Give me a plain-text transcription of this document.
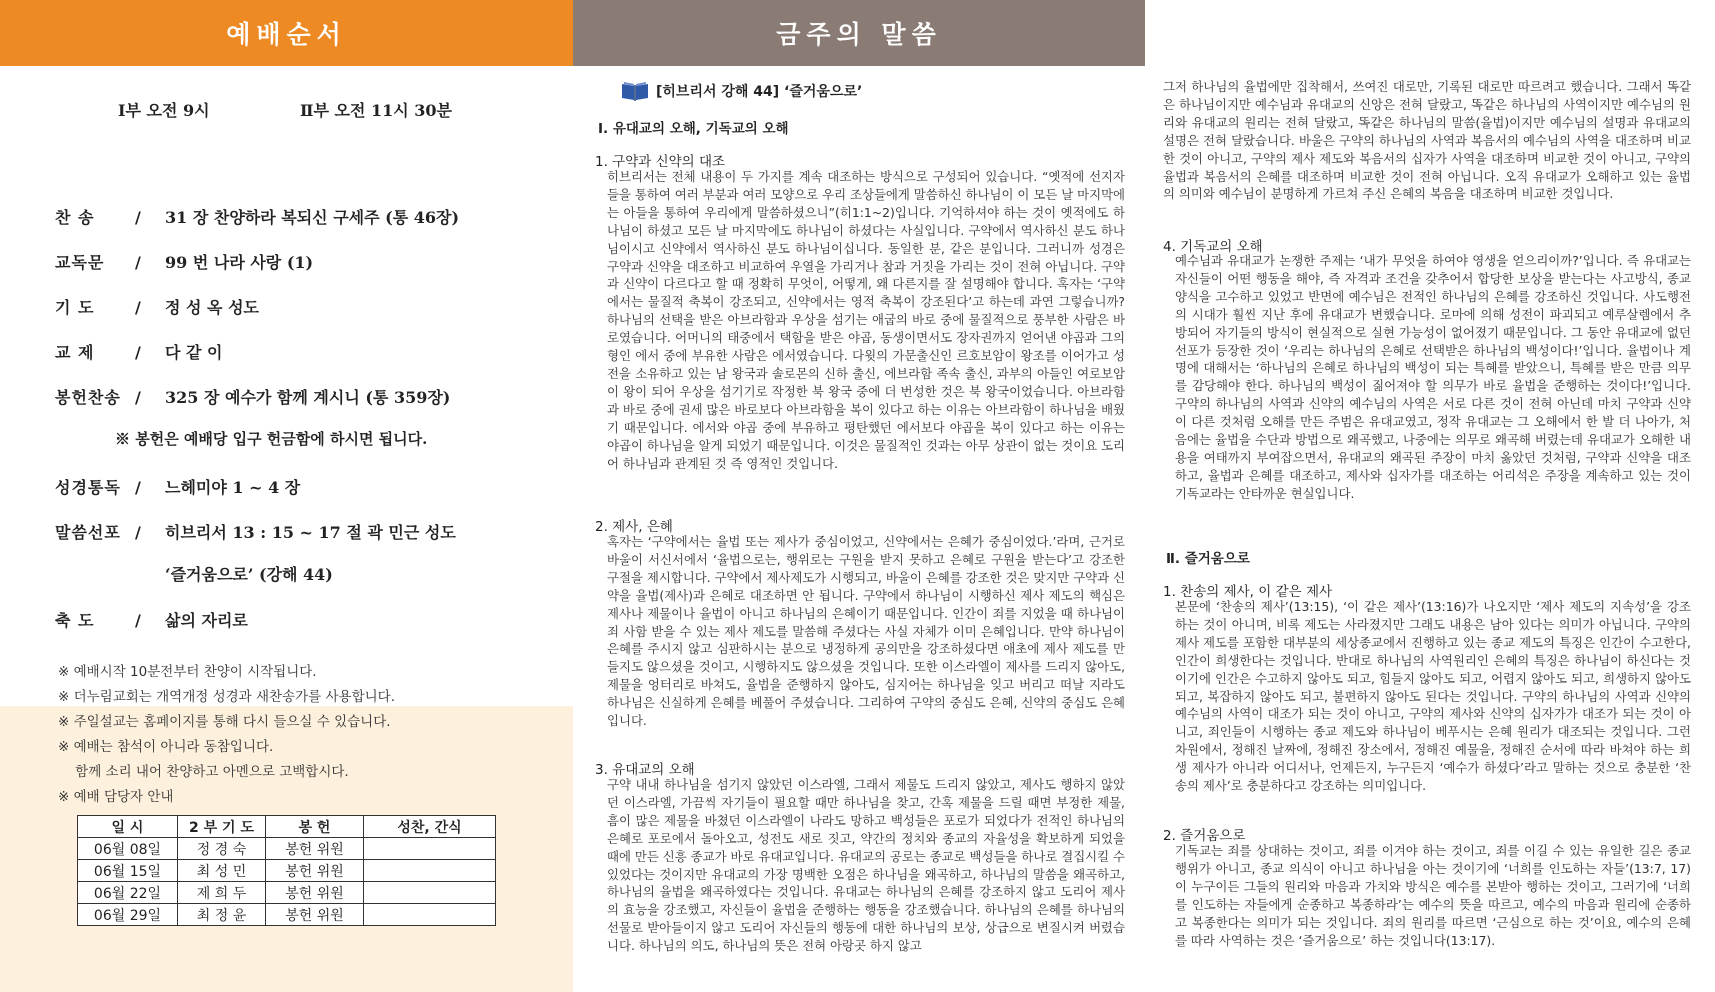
예배순서
Ⅰ부 오전 9시	Ⅱ부 오전 11시 30분
찬 송	/ 31 장 찬양하라 복되신 구세주 (통 46장)
교독문 / 99 번 나라 사랑 (1)
기 도	/ 정 성 옥 성도
교 제	/ 다 같 이
봉헌찬송 / 325 장 예수가 함께 계시니 (통 359장)
※ 봉헌은 예배당 입구 헌금함에 하시면 됩니다.
성경통독 / 느헤미야 1 ~ 4 장
말씀선포 / 히브리서 13 : 15 ~ 17 절 곽 민근 성도
‘즐거움으로’ (강해 44)
축 도	/ 삶의 자리로
※ 예배시작 10분전부터 찬양이 시작됩니다.
※ 더누림교회는 개역개정 성경과 새찬송가를 사용합니다.
※ 주일설교는 홈페이지를 통해 다시 들으실 수 있습니다.
※ 예배는 참석이 아니라 동참입니다.
함께 소리 내어 찬양하고 아멘으로 고백합시다.
※ 예배 담당자 안내
일 시	2 부 기 도	봉 헌	성찬, 간식
06월 08일	정 경 숙	봉헌 위원	
06월 15일	최 성 민	봉헌 위원	
06월 22일	제 희 두	봉헌 위원	
06월 29일	최 정 윤	봉헌 위원	
금주의 말씀
[히브리서 강해 44] ‘즐거움으로’
Ⅰ. 유대교의 오해, 기독교의 오해
1. 구약과 신약의 대조
히브리서는 전체 내용이 두 가지를 계속 대조하는 방식으로 구성되어 있습니다. “옛적에 선지자들을 통하여 여러 부분과 여러 모양으로 우리 조상들에게 말씀하신 하나님이 이 모든 날 마지막에는 아들을 통하여 우리에게 말씀하셨으니”(히1:1~2)입니다. 기억하셔야 하는 것이 옛적에도 하나님이 하셨고 모든 날 마지막에도 하나님이 하셨다는 사실입니다. 구약에서 역사하신 분도 하나님이시고 신약에서 역사하신 분도 하나님이십니다. 동일한 분, 같은 분입니다. 그러니까 성경은 구약과 신약을 대조하고 비교하여 우열을 가리거나 참과 거짓을 가리는 것이 전혀 아닙니다. 구약과 신약이 다르다고 할 때 정확히 무엇이, 어떻게, 왜 다른지를 잘 설명해야 합니다. 혹자는 ‘구약에서는 물질적 축복이 강조되고, 신약에서는 영적 축복이 강조된다’고 하는데 과연 그렇습니까? 하나님의 선택을 받은 아브라함과 우상을 섬기는 애굽의 바로 중에 물질적으로 풍부한 사람은 바로였습니다. 어머니의 태중에서 택함을 받은 야곱, 동생이면서도 장자권까지 얻어낸 야곱과 그의 형인 에서 중에 부유한 사람은 에서였습니다. 다윗의 가문출신인 르호보암이 왕조를 이어가고 성전을 소유하고 있는 남 왕국과 솔로몬의 신하 출신, 에브라함 족속 출신, 과부의 아들인 여로보암이 왕이 되어 우상을 섬기기로 작정한 북 왕국 중에 더 번성한 것은 북 왕국이었습니다. 아브라함과 바로 중에 권세 많은 바로보다 아브라함을 복이 있다고 하는 이유는 아브라함이 하나님을 배웠기 때문입니다. 에서와 야곱 중에 부유하고 평탄했던 에서보다 야곱을 복이 있다고 하는 이유는 야곱이 하나님을 알게 되었기 때문입니다. 이것은 물질적인 것과는 아무 상관이 없는 것이요 도리어 하나님과 관계된 것 즉 영적인 것입니다.
2. 제사, 은혜
혹자는 ‘구약에서는 율법 또는 제사가 중심이었고, 신약에서는 은혜가 중심이었다.’라며, 근거로 바울이 서신서에서 ‘율법으로는, 행위로는 구원을 받지 못하고 은혜로 구원을 받는다’고 강조한 구절을 제시합니다. 구약에서 제사제도가 시행되고, 바울이 은혜를 강조한 것은 맞지만 구약과 신약을 율법(제사)과 은혜로 대조하면 안 됩니다. 구약에서 하나님이 시행하신 제사 제도의 핵심은 제사나 제물이나 율법이 아니고 하나님의 은혜이기 때문입니다. 인간이 죄를 지었을 때 하나님이 죄 사함 받을 수 있는 제사 제도를 말씀해 주셨다는 사실 자체가 이미 은혜입니다. 만약 하나님이 은혜를 주시지 않고 심판하시는 분으로 냉정하게 공의만을 강조하셨다면 애초에 제사 제도를 만들지도 않으셨을 것이고, 시행하지도 않으셨을 것입니다. 또한 이스라엘이 제사를 드리지 않아도, 제물을 엉터리로 바쳐도, 율법을 준행하지 않아도, 심지어는 하나님을 잊고 버리고 떠날 지라도 하나님은 신실하게 은혜를 베풀어 주셨습니다. 그리하여 구약의 중심도 은혜, 신약의 중심도 은혜입니다.
3. 유대교의 오해
구약 내내 하나님을 섬기지 않았던 이스라엘, 그래서 제물도 드리지 않았고, 제사도 행하지 않았던 이스라엘, 가끔씩 자기들이 필요할 때만 하나님을 찾고, 간혹 제물을 드릴 때면 부정한 제물, 흠이 많은 제물을 바쳤던 이스라엘이 나라도 망하고 백성들은 포로가 되었다가 전적인 하나님의 은혜로 포로에서 돌아오고, 성전도 새로 짓고, 약간의 정치와 종교의 자율성을 확보하게 되었을 때에 만든 신흥 종교가 바로 유대교입니다. 유대교의 공로는 종교로 백성들을 하나로 결집시킬 수 있었다는 것이지만 유대교의 가장 명백한 오점은 하나님을 왜곡하고, 하나님의 말씀을 왜곡하고, 하나님의 율법을 왜곡하였다는 것입니다. 유대교는 하나님의 은혜를 강조하지 않고 도리어 제사의 효능을 강조했고, 자신들이 율법을 준행하는 행동을 강조했습니다. 하나님의 은혜를 하나님의 선물로 받아들이지 않고 도리어 자신들의 행동에 대한 하나님의 보상, 상급으로 변질시켜 버렸습니다. 하나님의 의도, 하나님의 뜻은 전혀 아랑곳 하지 않고
그저 하나님의 율법에만 집착해서, 쓰여진 대로만, 기록된 대로만 따르려고 했습니다. 그래서 똑같은 하나님이지만 예수님과 유대교의 신앙은 전혀 달랐고, 똑같은 하나님의 사역이지만 예수님의 원리와 유대교의 원리는 전혀 달랐고, 똑같은 하나님의 말씀(율법)이지만 예수님의 설명과 유대교의 설명은 전혀 달랐습니다. 바울은 구약의 하나님의 사역과 복음서의 예수님의 사역을 대조하며 비교한 것이 아니고, 구약의 제사 제도와 복음서의 십자가 사역을 대조하며 비교한 것이 아니고, 구약의 율법과 복음서의 은혜를 대조하며 비교한 것이 전혀 아닙니다. 오직 유대교가 오해하고 있는 율법의 의미와 예수님이 분명하게 가르쳐 주신 은혜의 복음을 대조하며 비교한 것입니다.
4. 기독교의 오해
예수님과 유대교가 논쟁한 주제는 ‘내가 무엇을 하여야 영생을 얻으리이까?’입니다. 즉 유대교는 자신들이 어떤 행동을 해야, 즉 자격과 조건을 갖추어서 합당한 보상을 받는다는 사고방식, 종교양식을 고수하고 있었고 반면에 예수님은 전적인 하나님의 은혜를 강조하신 것입니다. 사도행전의 시대가 훨씬 지난 후에 유대교가 변했습니다. 로마에 의해 성전이 파괴되고 예루살렘에서 추방되어 자기들의 방식이 현실적으로 실현 가능성이 없어졌기 때문입니다. 그 동안 유대교에 없던 선포가 등장한 것이 ‘우리는 하나님의 은혜로 선택받은 하나님의 백성이다!’입니다. 율법이나 계명에 대해서는 ‘하나님의 은혜로 하나님의 백성이 되는 특혜를 받았으니, 특혜를 받은 만큼 의무를 감당해야 한다. 하나님의 백성이 짊어져야 할 의무가 바로 율법을 준행하는 것이다!’입니다. 구약의 하나님의 사역과 신약의 예수님의 사역은 서로 다른 것이 전혀 아닌데 마치 구약과 신약이 다른 것처럼 오해를 만든 주범은 유대교였고, 정작 유대교는 그 오해에서 한 발 더 나아가, 처음에는 율법을 수단과 방법으로 왜곡했고, 나중에는 의무로 왜곡해 버렸는데 유대교가 오해한 내용을 여태까지 부여잡으면서, 유대교의 왜곡된 주장이 마치 옳았던 것처럼, 구약과 신약을 대조하고, 율법과 은혜를 대조하고, 제사와 십자가를 대조하는 어리석은 주장을 계속하고 있는 것이 기독교라는 안타까운 현실입니다.
Ⅱ. 즐거움으로
1. 찬송의 제사, 이 같은 제사
본문에 ‘찬송의 제사’(13:15), ‘이 같은 제사’(13:16)가 나오지만 ‘제사 제도의 지속성’을 강조하는 것이 아니며, 비록 제도는 사라졌지만 그래도 내용은 남아 있다는 의미가 아닙니다. 구약의 제사 제도를 포함한 대부분의 세상종교에서 진행하고 있는 종교 제도의 특징은 인간이 수고한다, 인간이 희생한다는 것입니다. 반대로 하나님의 사역원리인 은혜의 특징은 하나님이 하신다는 것이기에 인간은 수고하지 않아도 되고, 힘들지 않아도 되고, 어렵지 않아도 되고, 희생하지 않아도 되고, 복잡하지 않아도 되고, 불편하지 않아도 된다는 것입니다. 구약의 하나님의 사역과 신약의 예수님의 사역이 대조가 되는 것이 아니고, 구약의 제사와 신약의 십자가가 대조가 되는 것이 아니고, 죄인들이 시행하는 종교 제도와 하나님이 베푸시는 은혜 원리가 대조되는 것입니다. 그런 차원에서, 정해진 날짜에, 정해진 장소에서, 정해진 예물을, 정해진 순서에 따라 바쳐야 하는 희생 제사가 아니라 어디서나, 언제든지, 누구든지 ‘예수가 하셨다’라고 말하는 것으로 충분한 ‘찬송의 제사’로 충분하다고 강조하는 의미입니다.
2. 즐거움으로
기독교는 죄를 상대하는 것이고, 죄를 이겨야 하는 것이고, 죄를 이길 수 있는 유일한 길은 종교 행위가 아니고, 종교 의식이 아니고 하나님을 아는 것이기에 ‘너희를 인도하는 자들’(13:7, 17)이 누구이든 그들의 원리와 마음과 가치와 방식은 예수를 본받아 행하는 것이고, 그러기에 ‘너희를 인도하는 자들에게 순종하고 복종하라’는 예수의 뜻을 따르고, 예수의 마음과 원리에 순종하고 복종한다는 의미가 되는 것입니다. 죄의 원리를 따르면 ‘근심으로 하는 것’이요, 예수의 은혜를 따라 사역하는 것은 ‘즐거움으로’ 하는 것입니다(13:17).
